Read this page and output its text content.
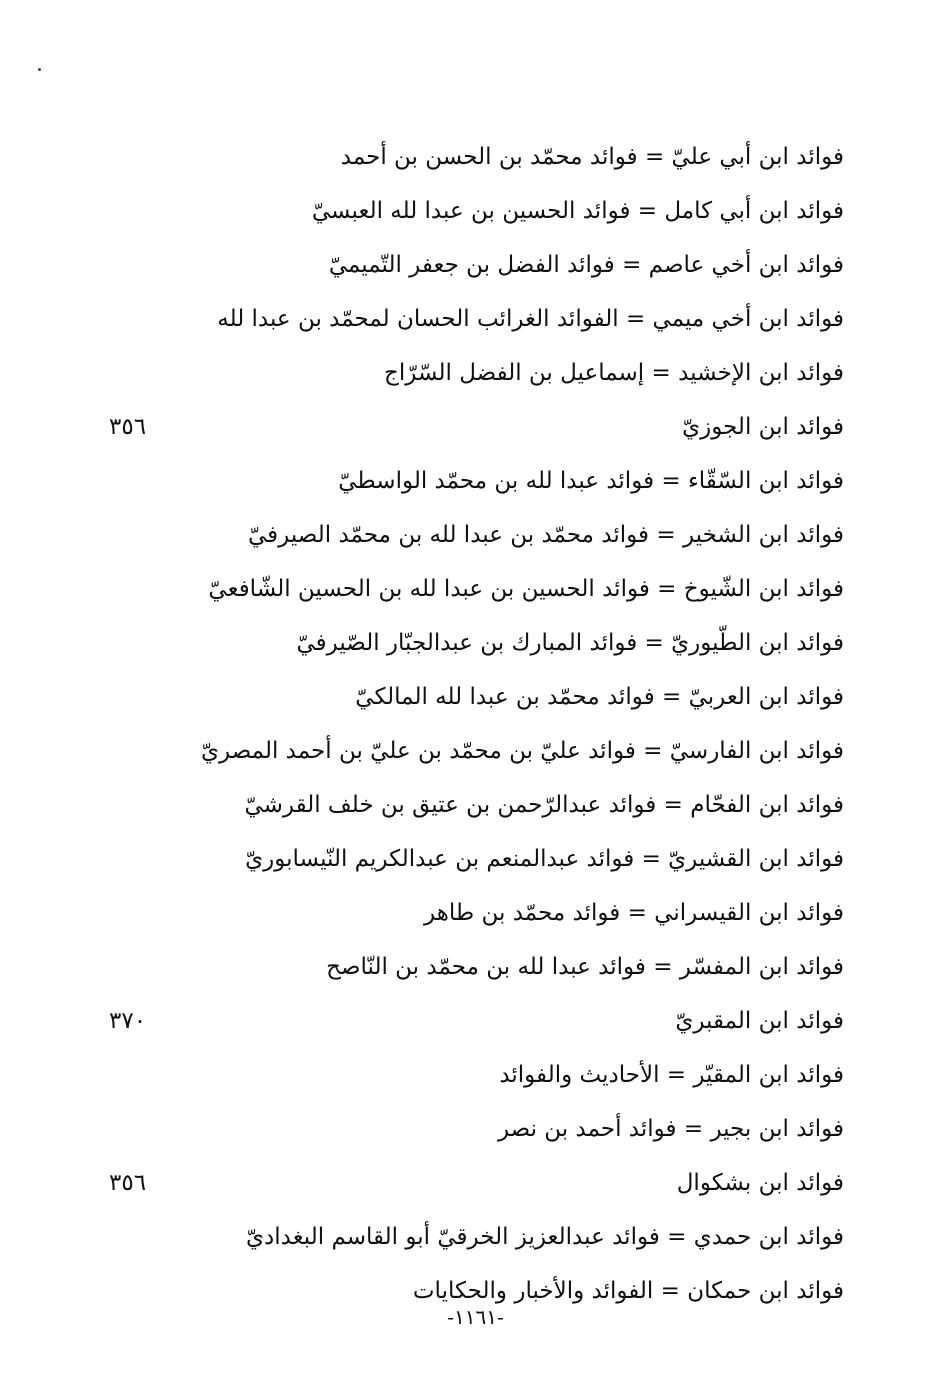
فوائد ابن أبي عليّ = فوائد محمّد بن الحسن بن أحمد
فوائد ابن أبي كامل = فوائد الحسين بن عبدا لله العبسيّ
فوائد ابن أخي عاصم = فوائد الفضل بن جعفر التّميميّ
فوائد ابن أخي ميمي = الفوائد الغرائب الحسان لمحمّد بن عبدا لله
فوائد ابن الإخشيد = إسماعيل بن الفضل السّرّاج
فوائد ابن الجوزيّ
٣٥٦
فوائد ابن السّقّاء = فوائد عبدا لله بن محمّد الواسطيّ
فوائد ابن الشخير = فوائد محمّد بن عبدا لله بن محمّد الصيرفيّ
فوائد ابن الشّيوخ = فوائد الحسين بن عبدا لله بن الحسين الشّافعيّ
فوائد ابن الطّيوريّ = فوائد المبارك بن عبدالجبّار الصّيرفيّ
فوائد ابن العربيّ = فوائد محمّد بن عبدا لله المالكيّ
فوائد ابن الفارسيّ = فوائد عليّ بن محمّد بن عليّ بن أحمد المصريّ
فوائد ابن الفحّام = فوائد عبدالرّحمن بن عتيق بن خلف القرشيّ
فوائد ابن القشيريّ = فوائد عبدالمنعم بن عبدالكريم النّيسابوريّ
فوائد ابن القيسراني = فوائد محمّد بن طاهر
فوائد ابن المفسّر = فوائد عبدا لله بن محمّد بن النّاصح
فوائد ابن المقبريّ
٣٧٠
فوائد ابن المقيّر = الأحاديث والفوائد
فوائد ابن بجير = فوائد أحمد بن نصر
فوائد ابن بشكوال
٣٥٦
فوائد ابن حمدي = فوائد عبدالعزيز الخرقيّ أبو القاسم البغداديّ
فوائد ابن حمكان = الفوائد والأخبار والحكايات
-١١٦١-
